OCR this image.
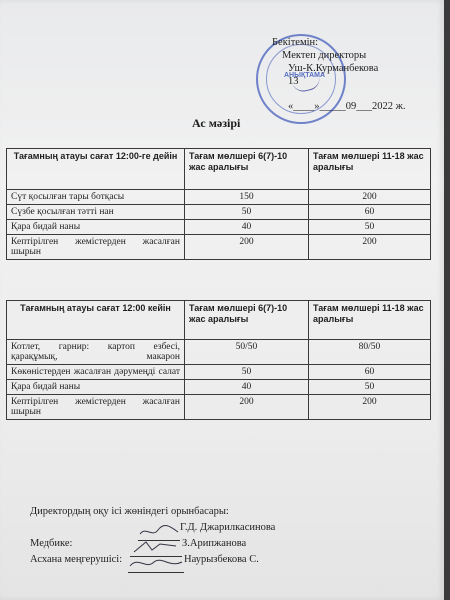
АНЫҚТАМА
Бекітемін:
Мектеп директоры
Уш-К.Курманбекова
13
«____»_____09___2022 ж.
Ас мәзірі
Тағамның атауы сағат 12:00-ге дейін	Тағам мөлшері 6(7)-10 жас аралығы	Тағам мөлшері 11-18 жас аралығы
Сүт қосылған тары ботқасы	150	200
Сүзбе қосылған тәтті нан	50	60
Қара бидай наны	40	50
Кептірілген жемістерден жасалған шырын	200	200
Тағамның атауы сағат 12:00 кейін	Тағам мөлшері 6(7)-10 жас аралығы	Тағам мөлшері 11-18 жас аралығы
Котлет, гарнир: картоп езбесі, қарақұмық, макарон	50/50	80/50
Көкөністерден жасалған дәрумеңді салат	50	60
Қара бидай наны	40	50
Кептірілген жемістерден жасалған шырын	200	200
Директордың оқу ісі жөніндегі орынбасары:
Г.Д. Джарилкасинова
Медбике:	З.Арипжанова
Асхана меңгерушісі:	Наурызбекова С.
